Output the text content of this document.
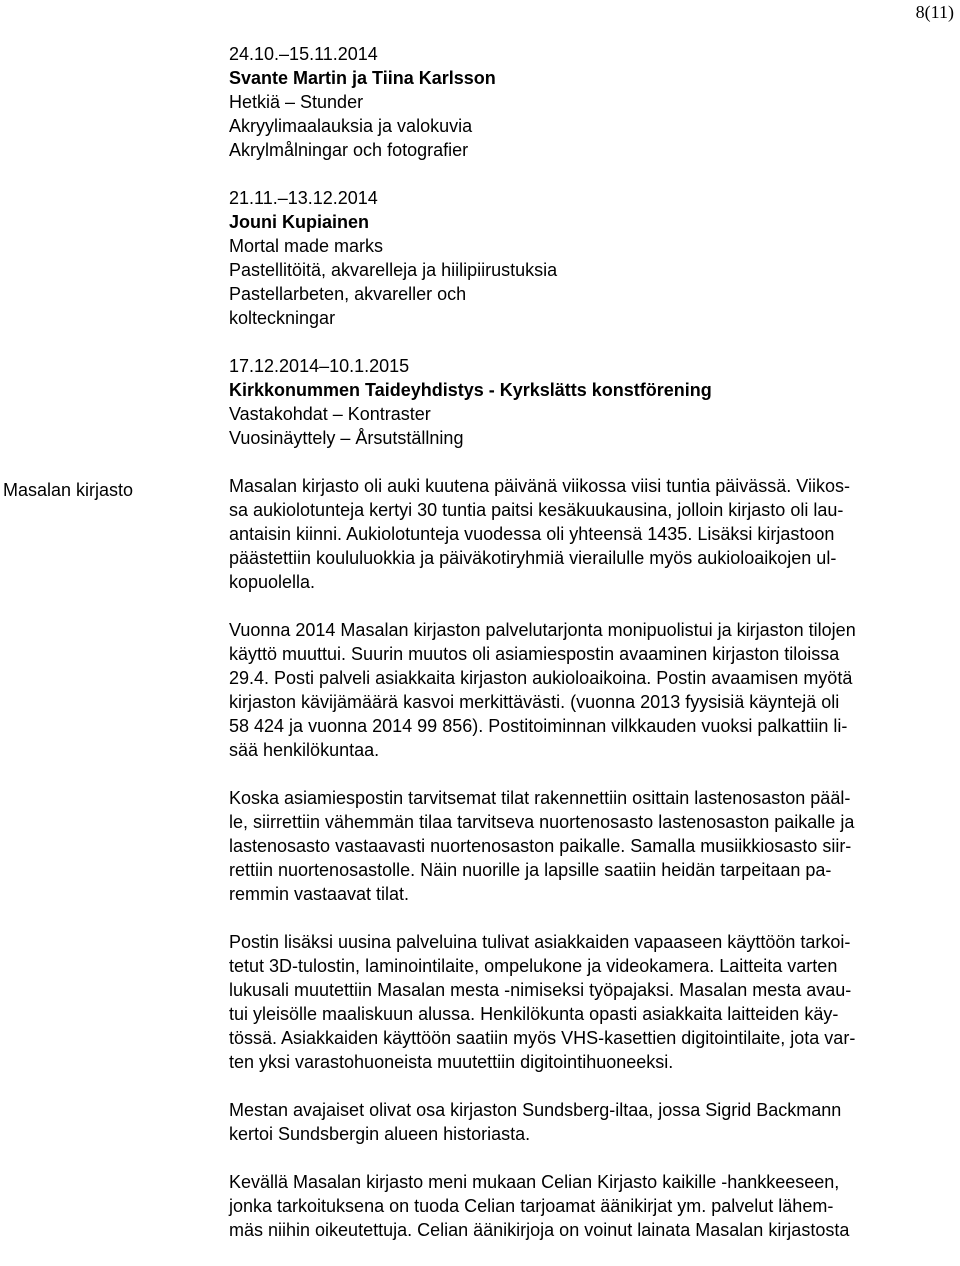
8(11)
24.10.–15.11.2014
Svante Martin ja Tiina Karlsson
Hetkiä – Stunder
Akryylimaalauksia ja valokuvia
Akrylmålningar och fotografier
21.11.–13.12.2014
Jouni Kupiainen
Mortal made marks
Pastellitöitä, akvarelleja ja hiilipiirustuksia
Pastellarbeten, akvareller och
kolteckningar
17.12.2014–10.1.2015
Kirkkonummen Taideyhdistys - Kyrkslätts konstförening
Vastakohdat – Kontraster
Vuosinäyttely – Årsutställning
Masalan kirjasto oli auki kuutena päivänä viikossa viisi tuntia päivässä. Viikos-
sa aukiolotunteja kertyi 30 tuntia paitsi kesäkuukausina, jolloin kirjasto oli lau-
antaisin kiinni. Aukiolotunteja vuodessa oli yhteensä 1435. Lisäksi kirjastoon
päästettiin koululuokkia ja päiväkotiryhmiä vierailulle myös aukioloaikojen ul-
kopuolella.
Vuonna 2014 Masalan kirjaston palvelutarjonta monipuolistui ja kirjaston tilojen
käyttö muuttui. Suurin muutos oli asiamiespostin avaaminen kirjaston tiloissa
29.4. Posti palveli asiakkaita kirjaston aukioloaikoina. Postin avaamisen myötä
kirjaston kävijämäärä kasvoi merkittävästi. (vuonna 2013 fyysisiä käyntejä oli
58 424 ja vuonna 2014 99 856). Postitoiminnan vilkkauden vuoksi palkattiin li-
sää henkilökuntaa.
Koska asiamiespostin tarvitsemat tilat rakennettiin osittain lastenosaston pääl-
le, siirrettiin vähemmän tilaa tarvitseva nuortenosasto lastenosaston paikalle ja
lastenosasto vastaavasti nuortenosaston paikalle. Samalla musiikkiosasto siir-
rettiin nuortenosastolle. Näin nuorille ja lapsille saatiin heidän tarpeitaan pa-
remmin vastaavat tilat.
Postin lisäksi uusina palveluina tulivat asiakkaiden vapaaseen käyttöön tarkoi-
tetut 3D-tulostin, laminointilaite, ompelukone ja videokamera. Laitteita varten
lukusali muutettiin Masalan mesta -nimiseksi työpajaksi. Masalan mesta avau-
tui yleisölle maaliskuun alussa. Henkilökunta opasti asiakkaita laitteiden käy-
tössä. Asiakkaiden käyttöön saatiin myös VHS-kasettien digitointilaite, jota var-
ten yksi varastohuoneista muutettiin digitointihuoneeksi.
Mestan avajaiset olivat osa kirjaston Sundsberg-iltaa, jossa Sigrid Backmann
kertoi Sundsbergin alueen historiasta.
Kevällä Masalan kirjasto meni mukaan Celian Kirjasto kaikille -hankkeeseen,
jonka tarkoituksena on tuoda Celian tarjoamat äänikirjat ym. palvelut lähem-
mäs niihin oikeutettuja. Celian äänikirjoja on voinut lainata Masalan kirjastosta
Masalan kirjasto
